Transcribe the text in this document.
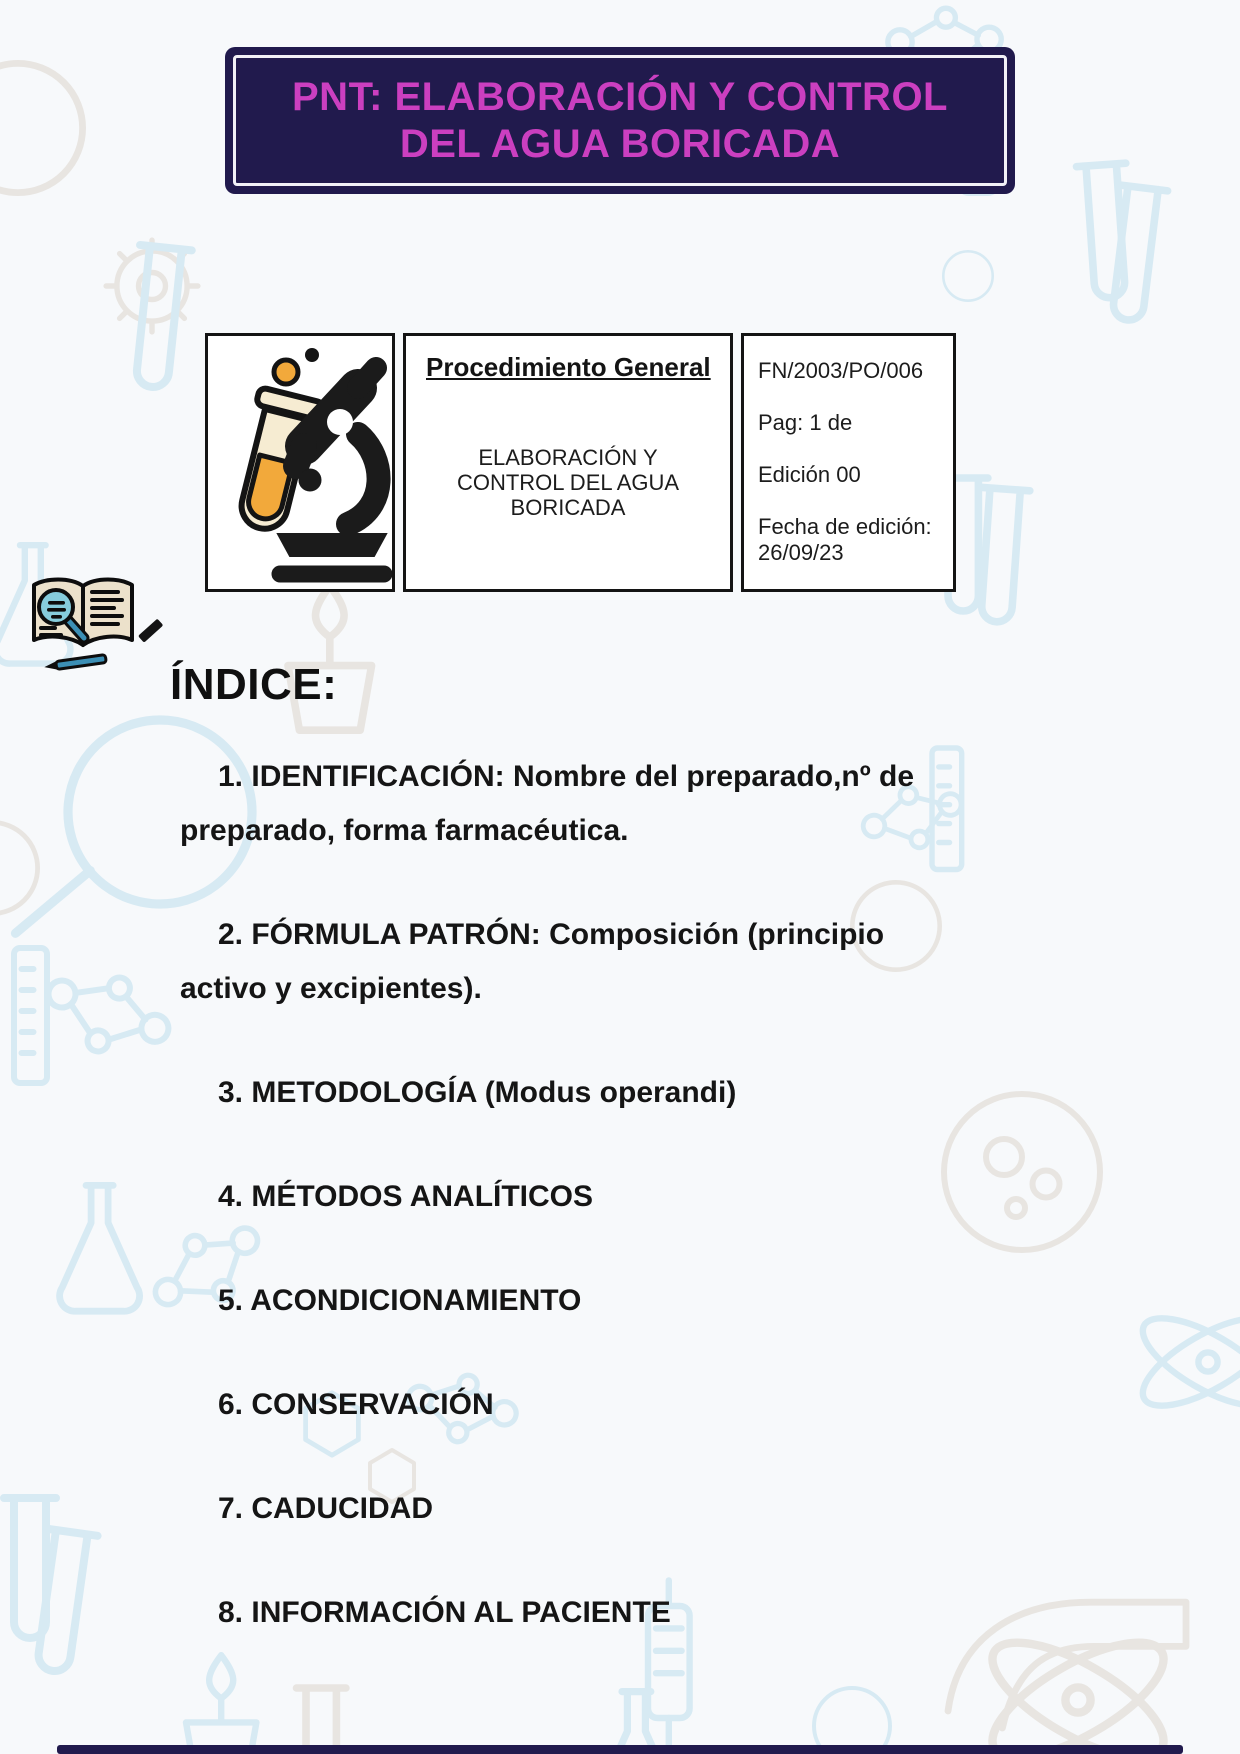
PNT: ELABORACIÓN Y CONTROL DEL AGUA BORICADA
Procedimiento General
ELABORACIÓN Y CONTROL DEL AGUA BORICADA
FN/2003/PO/006
Pag: 1 de
Edición 00
Fecha de edición: 26/09/23
ÍNDICE:
1. IDENTIFICACIÓN: Nombre del preparado,nº de preparado, forma farmacéutica.
2. FÓRMULA PATRÓN: Composición (principio activo y excipientes).
3. METODOLOGÍA (Modus operandi)
4. MÉTODOS ANALÍTICOS
5. ACONDICIONAMIENTO
6. CONSERVACIÓN
7. CADUCIDAD
8. INFORMACIÓN AL PACIENTE
